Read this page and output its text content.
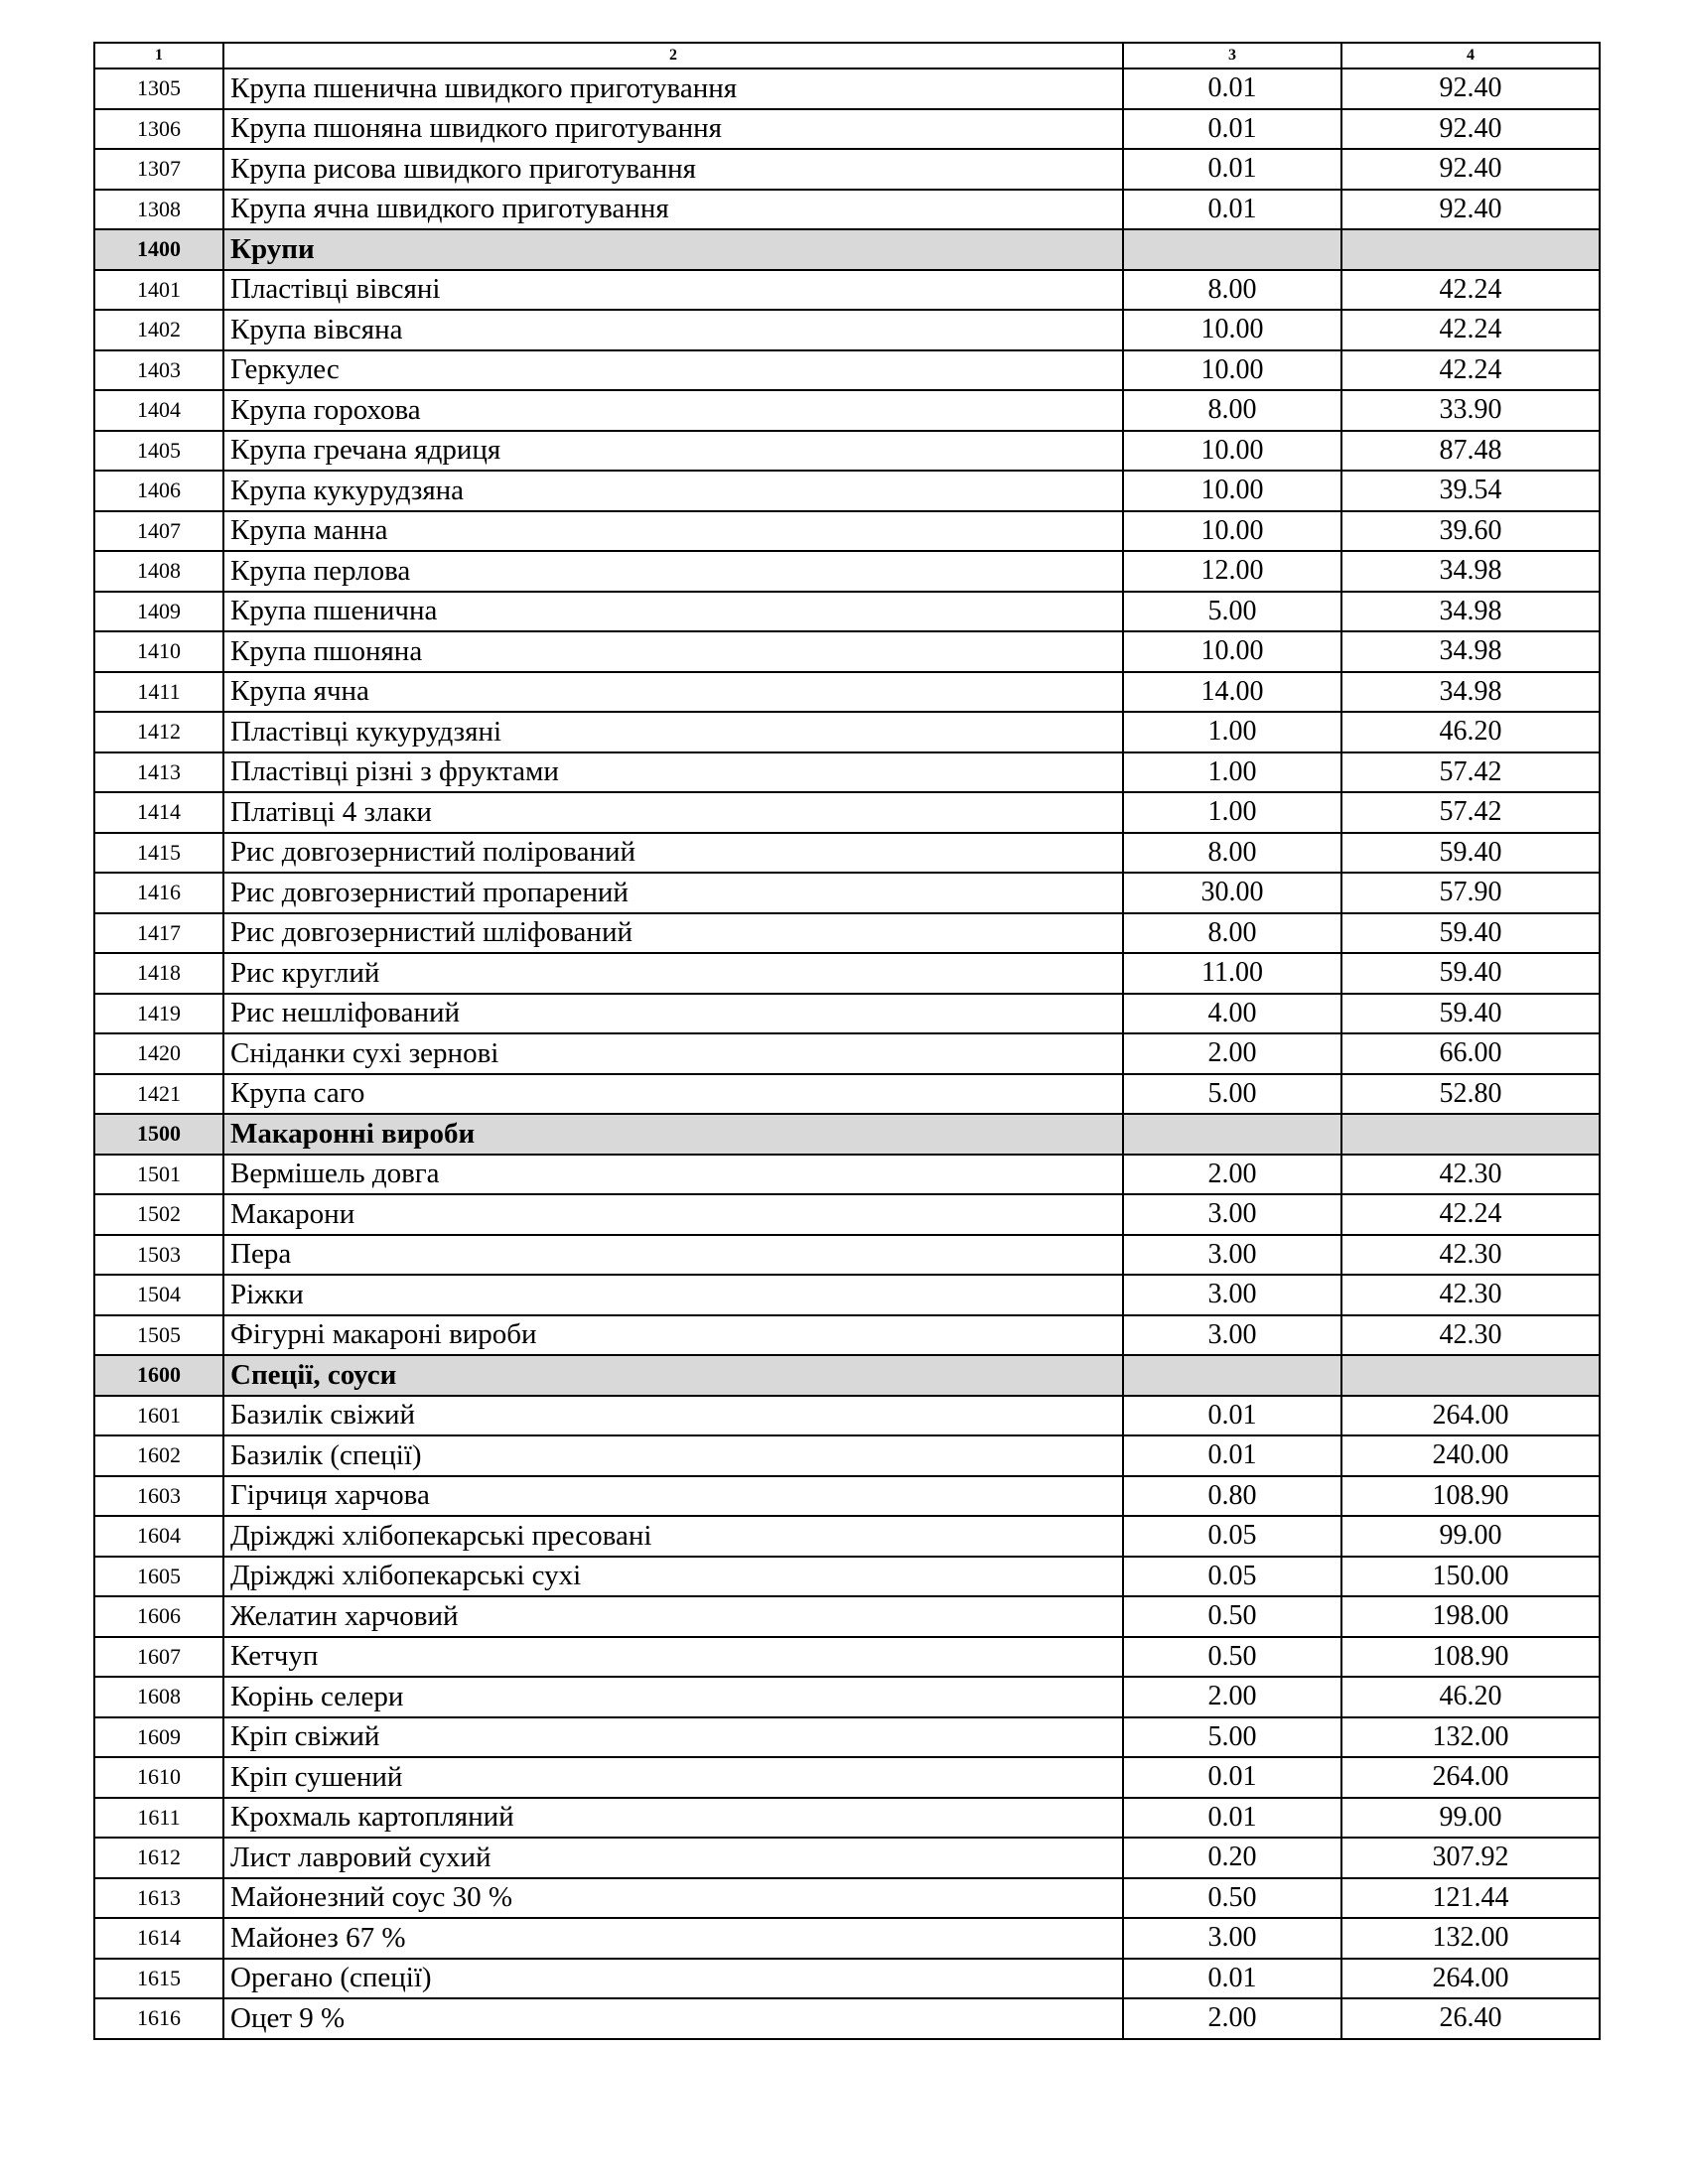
1	2	3	4
1305	Крупа пшенична швидкого приготування	0.01	92.40
1306	Крупа пшоняна швидкого приготування	0.01	92.40
1307	Крупа рисова швидкого приготування	0.01	92.40
1308	Крупа ячна швидкого приготування	0.01	92.40
1400	Крупи		
1401	Пластівці вівсяні	8.00	42.24
1402	Крупа вівсяна	10.00	42.24
1403	Геркулес	10.00	42.24
1404	Крупа горохова	8.00	33.90
1405	Крупа гречана ядриця	10.00	87.48
1406	Крупа кукурудзяна	10.00	39.54
1407	Крупа манна	10.00	39.60
1408	Крупа перлова	12.00	34.98
1409	Крупа пшенична	5.00	34.98
1410	Крупа пшоняна	10.00	34.98
1411	Крупа ячна	14.00	34.98
1412	Пластівці кукурудзяні	1.00	46.20
1413	Пластівці різні з фруктами	1.00	57.42
1414	Платівці 4 злаки	1.00	57.42
1415	Рис довгозернистий полірований	8.00	59.40
1416	Рис довгозернистий пропарений	30.00	57.90
1417	Рис довгозернистий шліфований	8.00	59.40
1418	Рис круглий	11.00	59.40
1419	Рис нешліфований	4.00	59.40
1420	Сніданки сухі зернові	2.00	66.00
1421	Крупа саго	5.00	52.80
1500	Макаронні вироби		
1501	Вермішель довга	2.00	42.30
1502	Макарони	3.00	42.24
1503	Пера	3.00	42.30
1504	Ріжки	3.00	42.30
1505	Фігурні макароні вироби	3.00	42.30
1600	Спеції, соуси		
1601	Базилік свіжий	0.01	264.00
1602	Базилік (спеції)	0.01	240.00
1603	Гірчиця харчова	0.80	108.90
1604	Дріжджі хлібопекарські пресовані	0.05	99.00
1605	Дріжджі хлібопекарські сухі	0.05	150.00
1606	Желатин харчовий	0.50	198.00
1607	Кетчуп	0.50	108.90
1608	Корінь селери	2.00	46.20
1609	Кріп свіжий	5.00	132.00
1610	Кріп сушений	0.01	264.00
1611	Крохмаль картопляний	0.01	99.00
1612	Лист лавровий сухий	0.20	307.92
1613	Майонезний соус 30 %	0.50	121.44
1614	Майонез 67 %	3.00	132.00
1615	Орегано (спеції)	0.01	264.00
1616	Оцет 9 %	2.00	26.40
